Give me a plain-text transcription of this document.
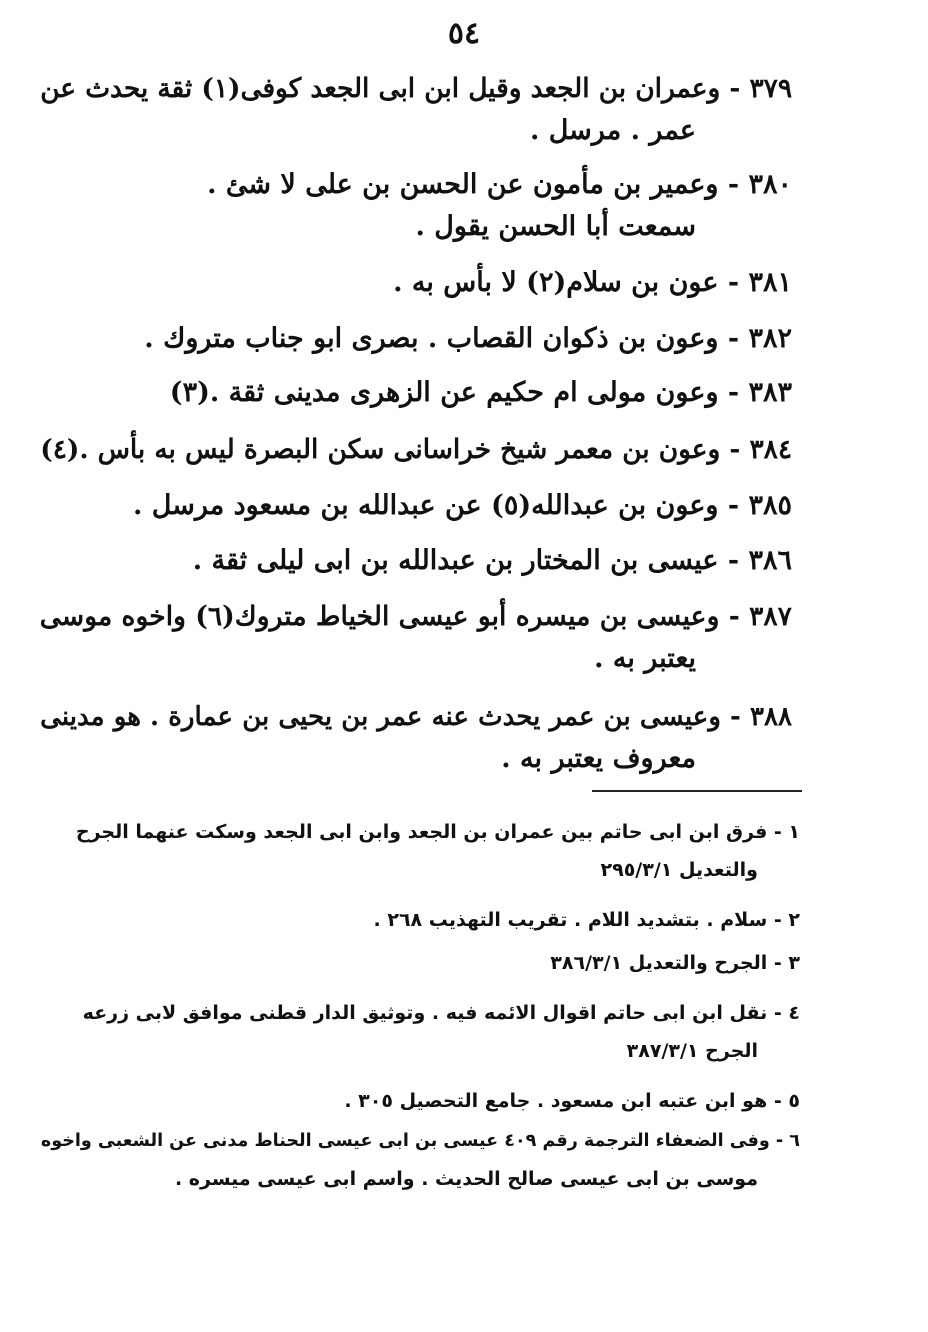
٥٤
٣٧٩ - وعمران بن الجعد وقيل ابن ابى الجعد كوفى(١) ثقة يحدث عن
عمر . مرسل .
٣٨٠ - وعمير بن مأمون عن الحسن بن على لا شئ .
سمعت أبا الحسن يقول .
٣٨١ - عون بن سلام(٢) لا بأس به .
٣٨٢ - وعون بن ذكوان القصاب . بصرى ابو جناب متروك .
٣٨٣ - وعون مولى ام حكيم عن الزهرى مدينى ثقة .(٣)
٣٨٤ - وعون بن معمر شيخ خراسانى سكن البصرة ليس به بأس .(٤)
٣٨٥ - وعون بن عبدالله(٥) عن عبدالله بن مسعود مرسل .
٣٨٦ - عيسى بن المختار بن عبدالله بن ابى ليلى ثقة .
٣٨٧ - وعيسى بن ميسره أبو عيسى الخياط متروك(٦) واخوه موسى
يعتبر به .
٣٨٨ - وعيسى بن عمر يحدث عنه عمر بن يحيى بن عمارة . هو مدينى
معروف يعتبر به .
١ - فرق ابن ابى حاتم بين عمران بن الجعد وابن ابى الجعد وسكت عنهما الجرح
والتعديل ٢٩٥/٣/١
٢ - سلام . بتشديد اللام . تقريب التهذيب ٢٦٨ .
٣ - الجرح والتعديل ٣٨٦/٣/١
٤ - نقل ابن ابى حاتم اقوال الائمه فيه . وتوثيق الدار قطنى موافق لابى زرعه
الجرح ٣٨٧/٣/١
٥ - هو ابن عتبه ابن مسعود . جامع التحصيل ٣٠٥ .
٦ - وفى الضعفاء الترجمة رقم ٤٠٩ عيسى بن ابى عيسى الحناط مدنى عن الشعبى واخوه
موسى بن ابى عيسى صالح الحديث . واسم ابى عيسى ميسره .
